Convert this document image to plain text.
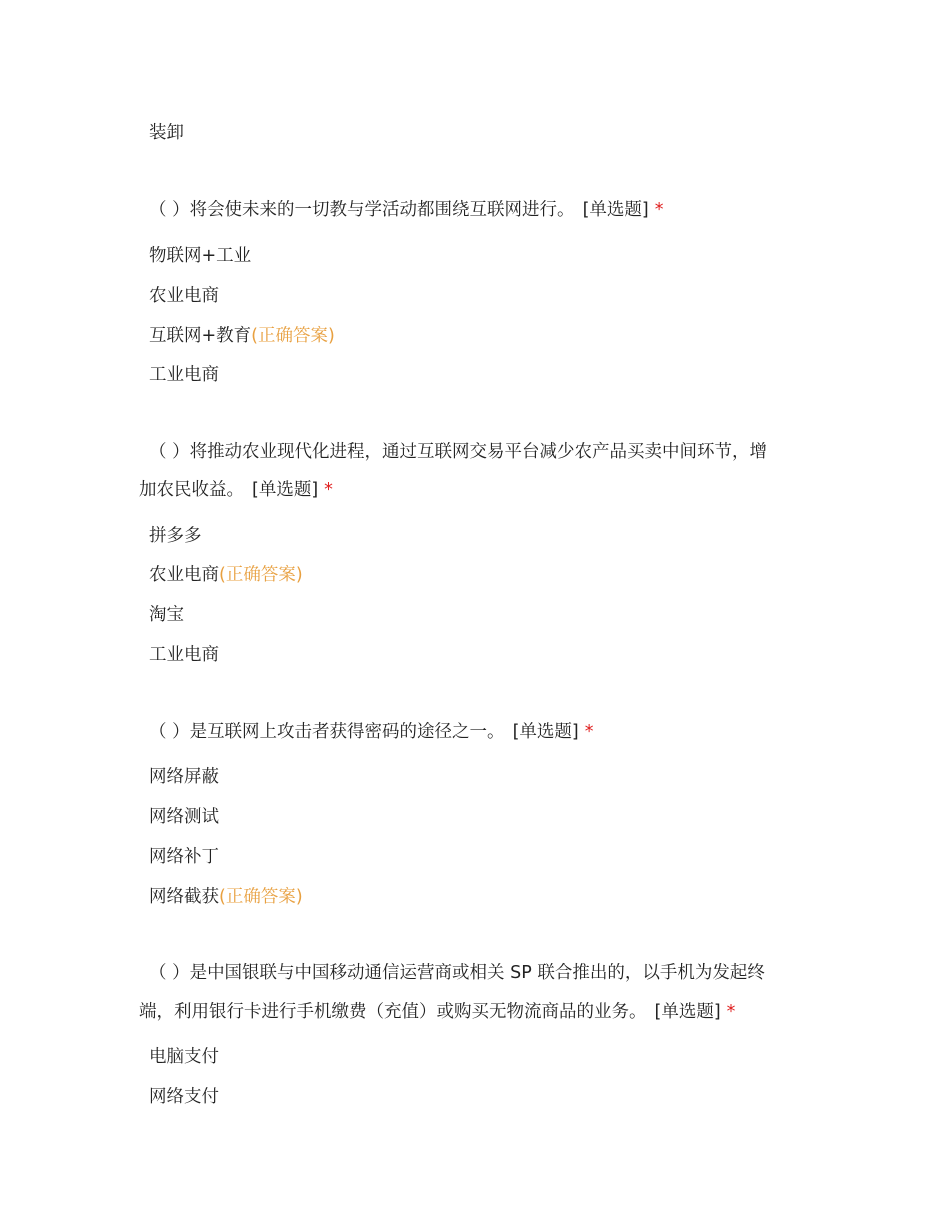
装卸
（ ）将会使未来的一切教与学活动都围绕互联网进行。 [单选题] *
物联网+工业
农业电商
互联网+教育(正确答案)
工业电商
（ ）将推动农业现代化进程，通过互联网交易平台减少农产品买卖中间环节，增
加农民收益。 [单选题] *
拼多多
农业电商(正确答案)
淘宝
工业电商
（ ）是互联网上攻击者获得密码的途径之一。 [单选题] *
网络屏蔽
网络测试
网络补丁
网络截获(正确答案)
（ ）是中国银联与中国移动通信运营商或相关 SP 联合推出的，以手机为发起终
端，利用银行卡进行手机缴费（充值）或购买无物流商品的业务。 [单选题] *
电脑支付
网络支付
